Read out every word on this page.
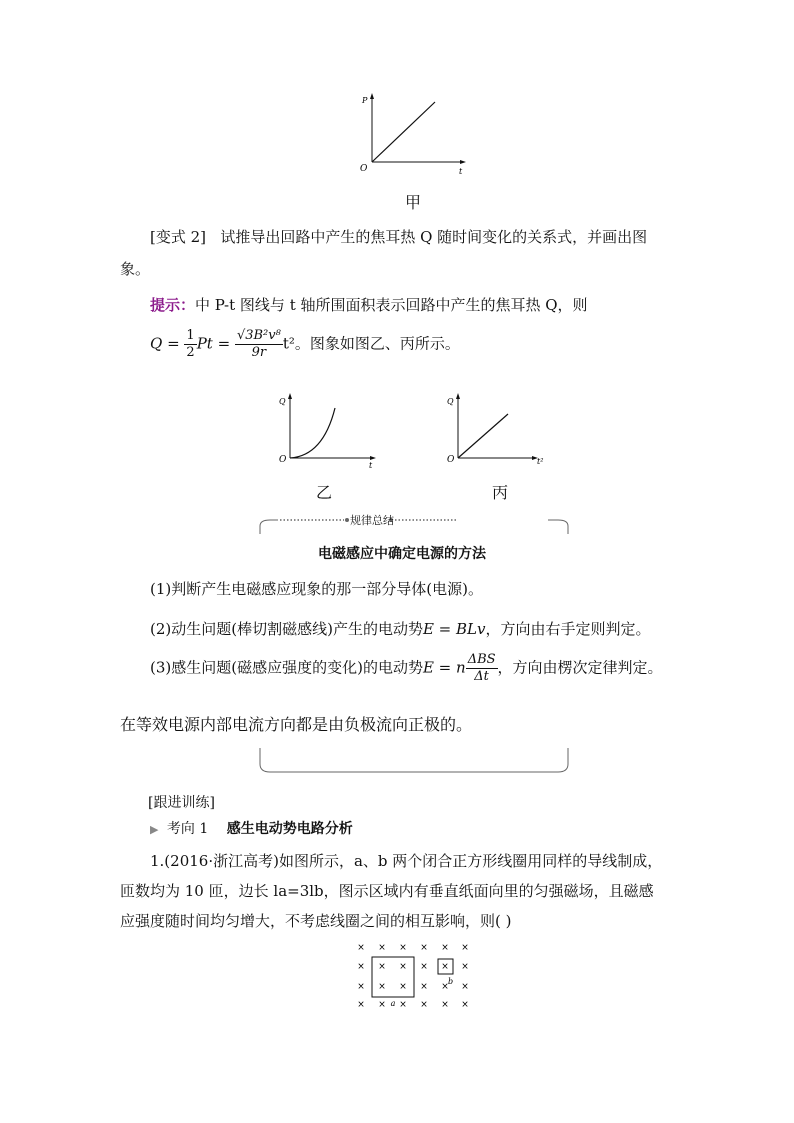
P
t
O
甲
[变式 2] 试推导出回路中产生的焦耳热 Q 随时间变化的关系式，并画出图
象。
提示：中 P-t 图线与 t 轴所围面积表示回路中产生的焦耳热 Q，则
$Q = \frac{1}{2}$ $Pt = \frac{\text{√3B²v⁸}}{9r} t^2$。图象如图乙、丙所示。
Q
t
O
乙
Q
t²
O
丙
规律总结
电磁感应中确定电源的方法
(1)判断产生电磁感应现象的那一部分导体(电源)。
(2)动生问题(棒切割磁感线)产生的电动势E = BLv，方向由右手定则判定。
(3)感生问题(磁感应强度的变化)的电动势E = n $\frac{\text{ΔBS}}{\Delta t}$ ，方向由楞次定律判定。
在等效电源内部电流方向都是由负极流向正极的。
[跟进训练]
▶ 考向 1 感生电动势电路分析
1.(2016·浙江高考)如图所示，a、b 两个闭合正方形线圈用同样的导线制成，
匝数均为 10 匝，边长 la=3lb，图示区域内有垂直纸面向里的匀强磁场，且磁感
应强度随时间均匀增大，不考虑线圈之间的相互影响，则( )
×
×
×
×
×
×
×
×
×
×
×
×
×
×
×
×
×
×
×
×
×
×
×
×
a
b
